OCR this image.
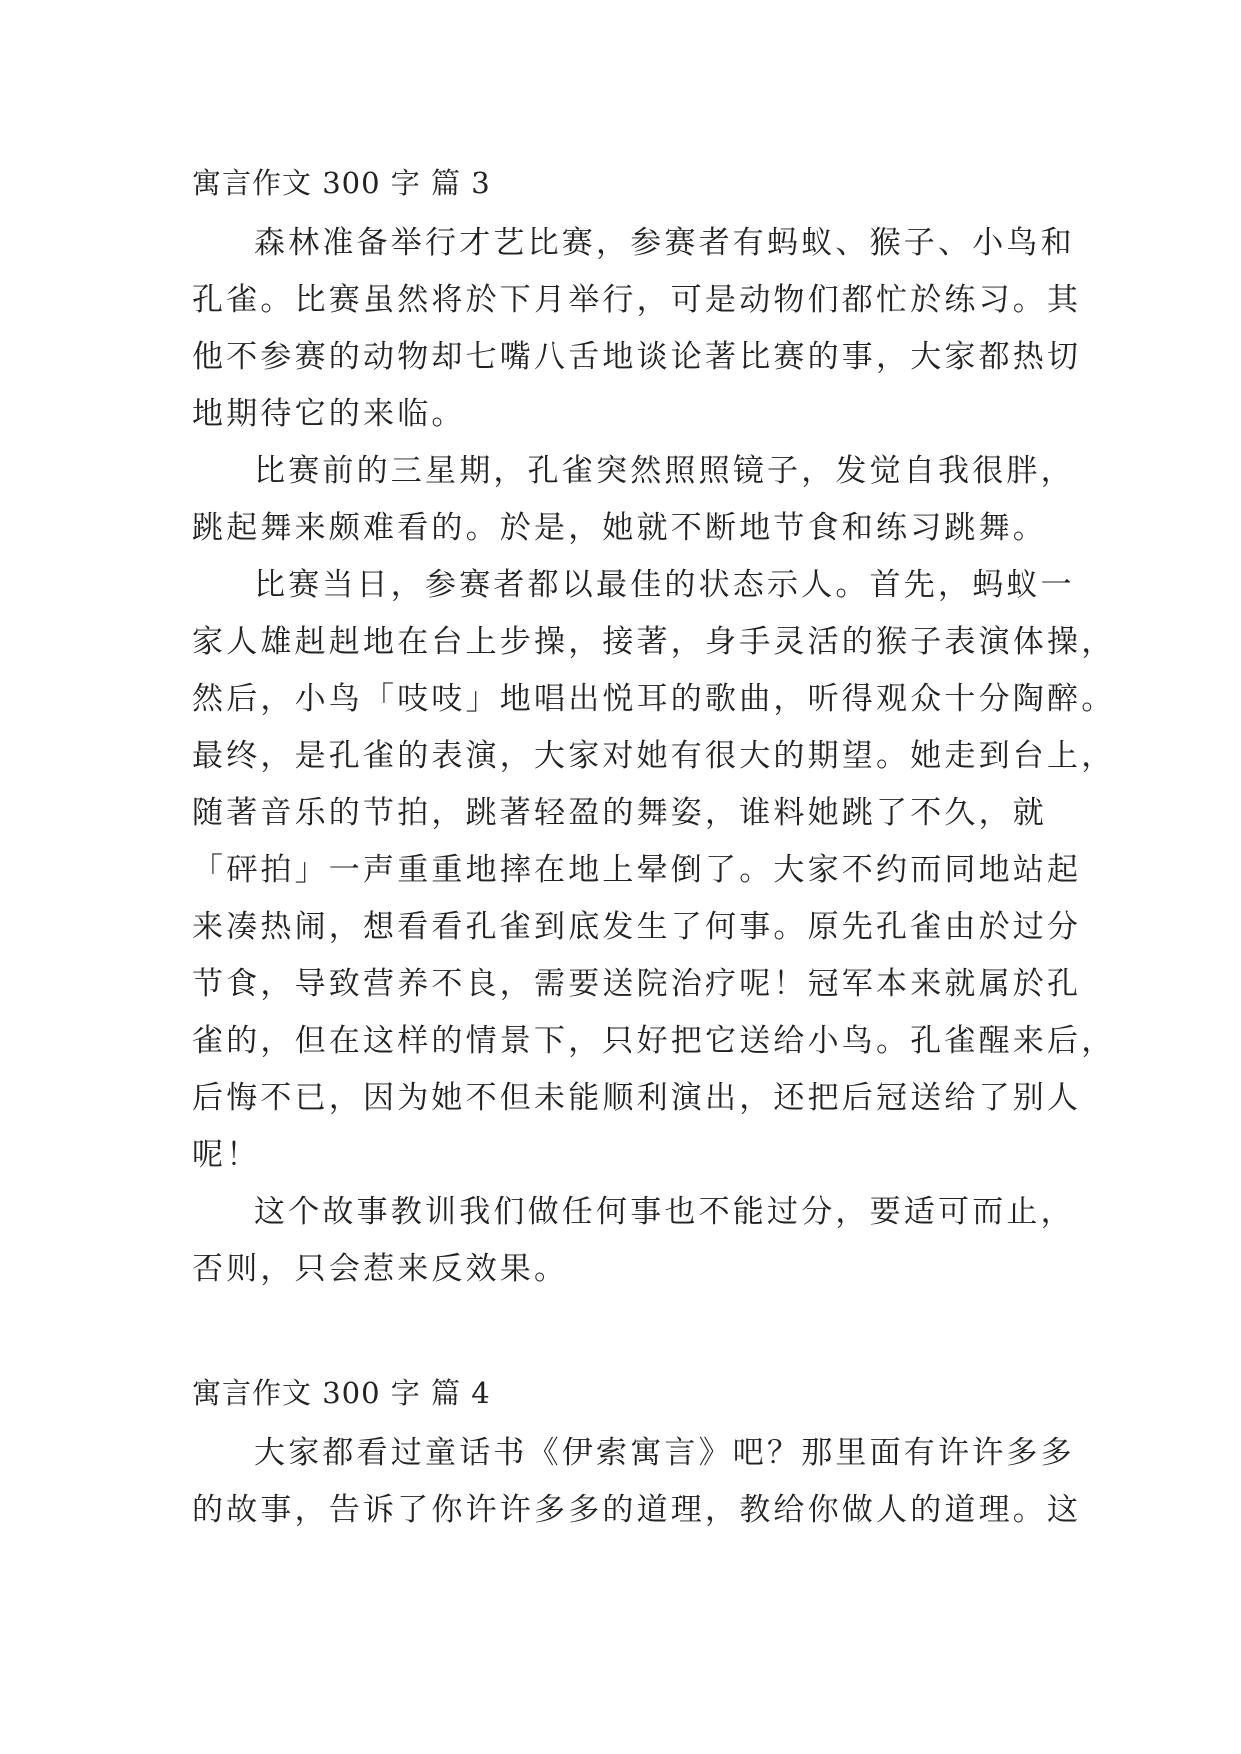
寓言作文 300 字 篇 3
森林准备举行才艺比赛，参赛者有蚂蚁、猴子、小鸟和
孔雀。比赛虽然将於下月举行，可是动物们都忙於练习。其
他不参赛的动物却七嘴八舌地谈论著比赛的事，大家都热切
地期待它的来临。
比赛前的三星期，孔雀突然照照镜子，发觉自我很胖，
跳起舞来颇难看的。於是，她就不断地节食和练习跳舞。
比赛当日，参赛者都以最佳的状态示人。首先，蚂蚁一
家人雄赳赳地在台上步操，接著，身手灵活的猴子表演体操，
然后，小鸟「吱吱」地唱出悦耳的歌曲，听得观众十分陶醉。
最终，是孔雀的表演，大家对她有很大的期望。她走到台上，
随著音乐的节拍，跳著轻盈的舞姿，谁料她跳了不久，就
「砰拍」一声重重地摔在地上晕倒了。大家不约而同地站起
来凑热闹，想看看孔雀到底发生了何事。原先孔雀由於过分
节食，导致营养不良，需要送院治疗呢！冠军本来就属於孔
雀的，但在这样的情景下，只好把它送给小鸟。孔雀醒来后，
后悔不已，因为她不但未能顺利演出，还把后冠送给了别人
呢！
这个故事教训我们做任何事也不能过分，要适可而止，
否则，只会惹来反效果。
寓言作文 300 字 篇 4
大家都看过童话书《伊索寓言》吧？那里面有许许多多
的故事，告诉了你许许多多的道理，教给你做人的道理。这
